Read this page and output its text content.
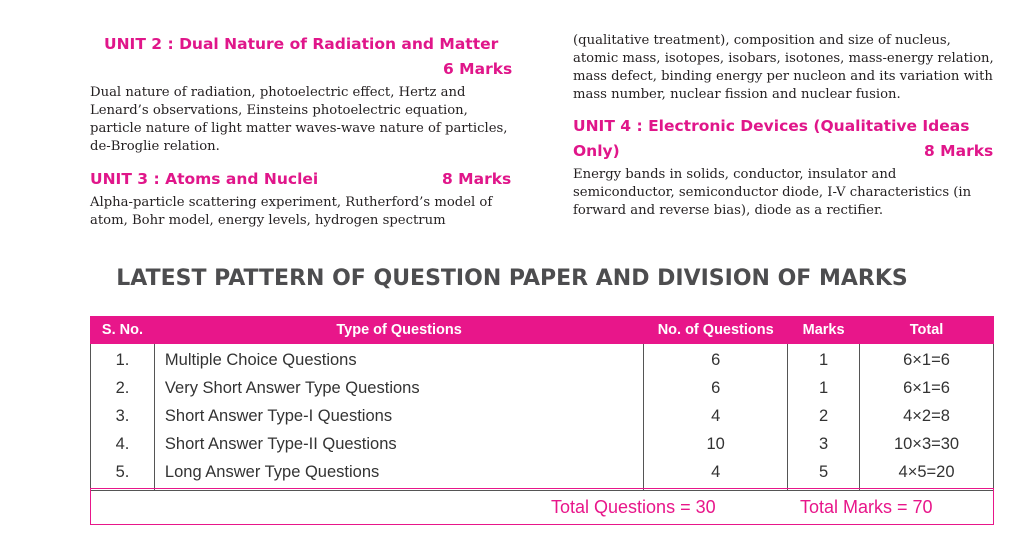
UNIT 2 : Dual Nature of Radiation and Matter
6 Marks
Dual nature of radiation, photoelectric effect, Hertz and
Lenard’s observations, Einsteins photoelectric equation,
particle nature of light matter waves-wave nature of particles,
de-Broglie relation.
UNIT 3 : Atoms and Nuclei	8 Marks
Alpha-particle scattering experiment, Rutherford’s model of
atom, Bohr model, energy levels, hydrogen spectrum
(qualitative treatment), composition and size of nucleus,
atomic mass, isotopes, isobars, isotones, mass-energy relation,
mass defect, binding energy per nucleon and its variation with
mass number, nuclear fission and nuclear fusion.
UNIT 4 : Electronic Devices (Qualitative Ideas
Only)	8 Marks
Energy bands in solids, conductor, insulator and
semiconductor, semiconductor diode, I-V characteristics (in
forward and reverse bias), diode as a rectifier.
LATEST PATTERN OF QUESTION PAPER AND DIVISION OF MARKS
S. No.	Type of Questions	No. of Questions	Marks	Total
1.	Multiple Choice Questions	6	1	6×1=6
2.	Very Short Answer Type Questions	6	1	6×1=6
3.	Short Answer Type-I Questions	4	2	4×2=8
4.	Short Answer Type-II Questions	10	3	10×3=30
5.	Long Answer Type Questions	4	5	4×5=20
Total Questions = 30	Total Marks = 70
